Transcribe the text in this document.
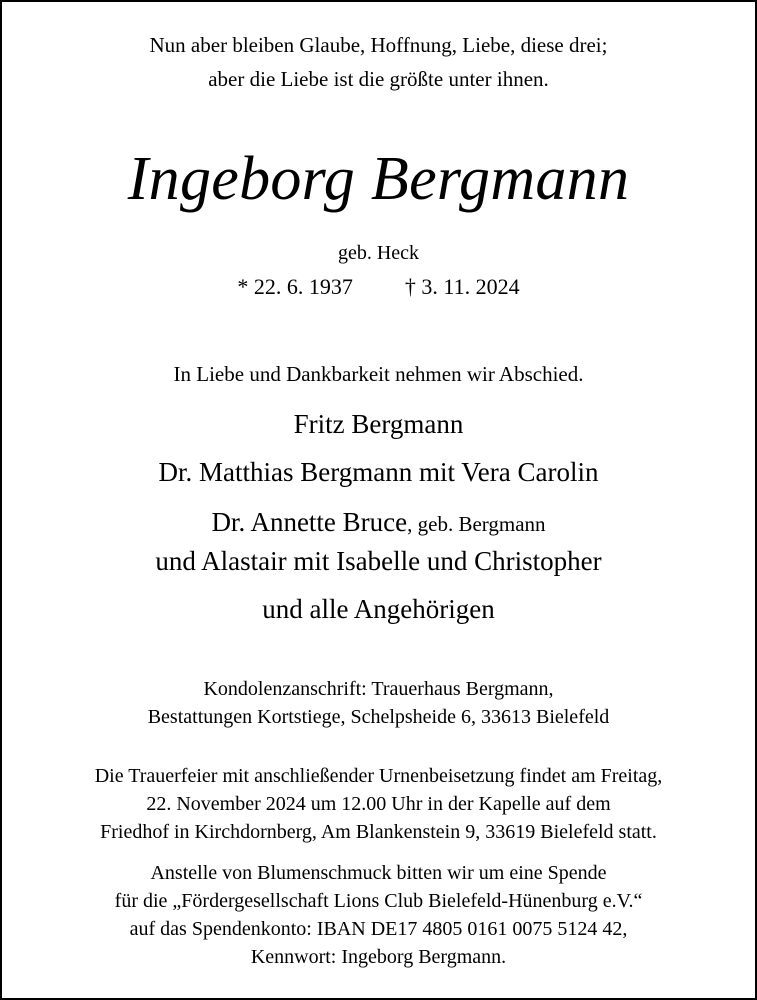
Nun aber bleiben Glaube, Hoffnung, Liebe, diese drei;
aber die Liebe ist die größte unter ihnen.
Ingeborg Bergmann
geb. Heck
* 22. 6. 1937 † 3. 11. 2024
In Liebe und Dankbarkeit nehmen wir Abschied.
Fritz Bergmann
Dr. Matthias Bergmann mit Vera Carolin
Dr. Annette Bruce, geb. Bergmann
und Alastair mit Isabelle und Christopher
und alle Angehörigen
Kondolenzanschrift: Trauerhaus Bergmann,
Bestattungen Kortstiege, Schelpsheide 6, 33613 Bielefeld
Die Trauerfeier mit anschließender Urnenbeisetzung findet am Freitag,
22. November 2024 um 12.00 Uhr in der Kapelle auf dem
Friedhof in Kirchdornberg, Am Blankenstein 9, 33619 Bielefeld statt.
Anstelle von Blumenschmuck bitten wir um eine Spende
für die „Fördergesellschaft Lions Club Bielefeld-Hünenburg e.V.“
auf das Spendenkonto: IBAN DE17 4805 0161 0075 5124 42,
Kennwort: Ingeborg Bergmann.
